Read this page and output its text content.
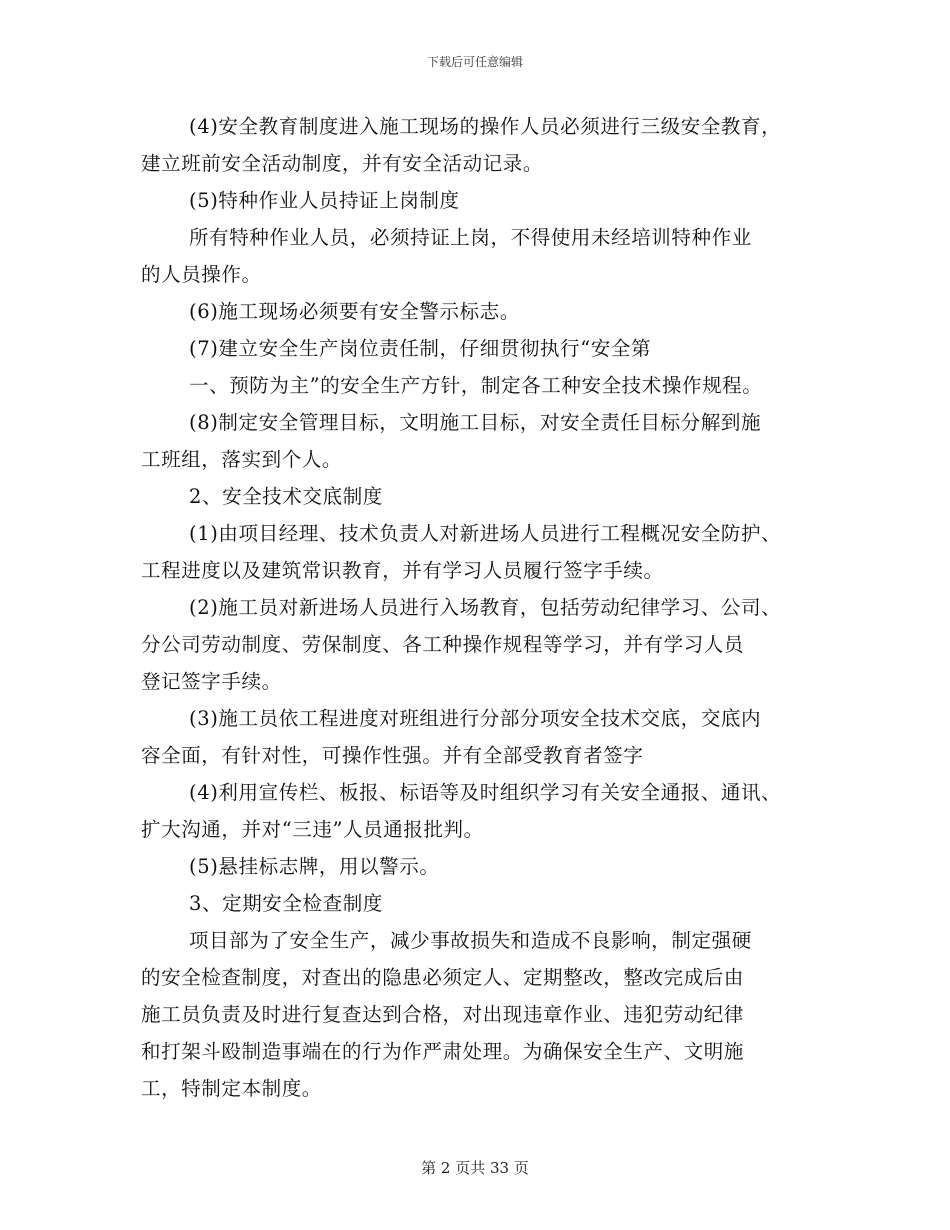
下载后可任意编辑
(4)安全教育制度进入施工现场的操作人员必须进行三级安全教育，
建立班前安全活动制度，并有安全活动记录。
(5)特种作业人员持证上岗制度
所有特种作业人员，必须持证上岗，不得使用未经培训特种作业
的人员操作。
(6)施工现场必须要有安全警示标志。
(7)建立安全生产岗位责任制，仔细贯彻执行“安全第
一、预防为主”的安全生产方针，制定各工种安全技术操作规程。
(8)制定安全管理目标，文明施工目标，对安全责任目标分解到施
工班组，落实到个人。
2、安全技术交底制度
(1)由项目经理、技术负责人对新进场人员进行工程概况安全防护、
工程进度以及建筑常识教育，并有学习人员履行签字手续。
(2)施工员对新进场人员进行入场教育，包括劳动纪律学习、公司、
分公司劳动制度、劳保制度、各工种操作规程等学习，并有学习人员
登记签字手续。
(3)施工员依工程进度对班组进行分部分项安全技术交底，交底内
容全面，有针对性，可操作性强。并有全部受教育者签字
(4)利用宣传栏、板报、标语等及时组织学习有关安全通报、通讯、
扩大沟通，并对“三违”人员通报批判。
(5)悬挂标志牌，用以警示。
3、定期安全检查制度
项目部为了安全生产，减少事故损失和造成不良影响，制定强硬
的安全检查制度，对查出的隐患必须定人、定期整改，整改完成后由
施工员负责及时进行复查达到合格，对出现违章作业、违犯劳动纪律
和打架斗殴制造事端在的行为作严肃处理。为确保安全生产、文明施
工，特制定本制度。
第 2 页共 33 页
